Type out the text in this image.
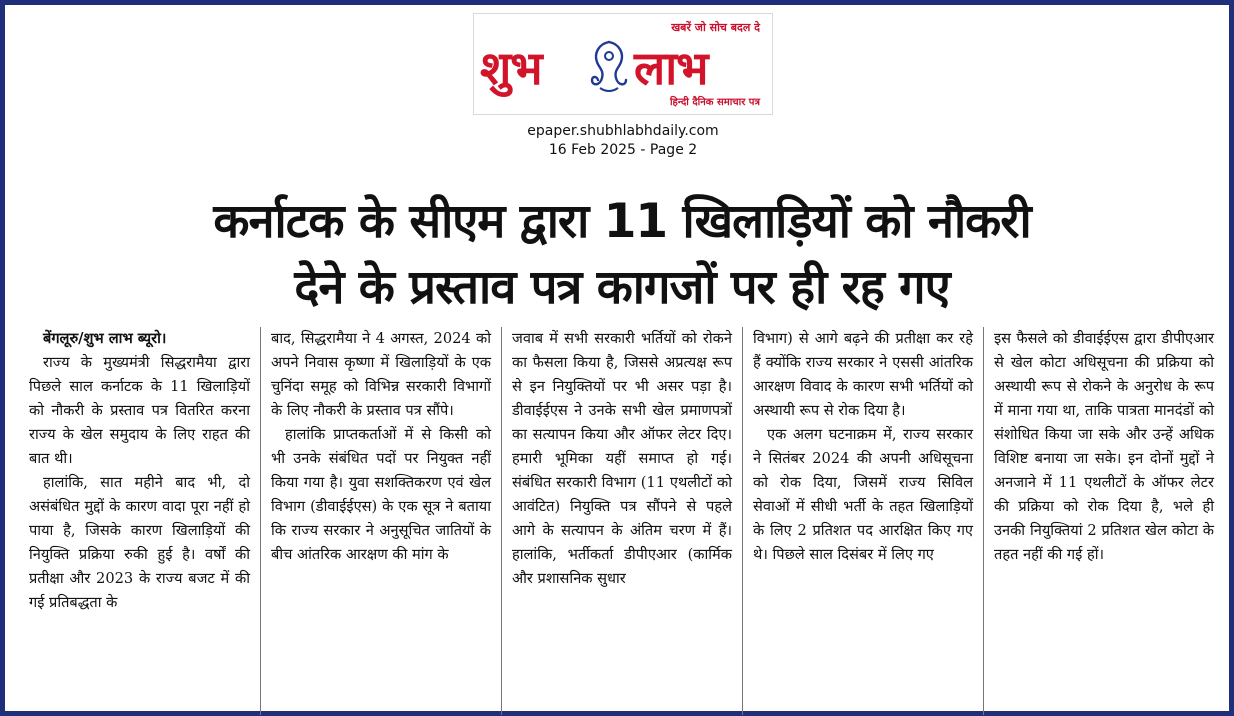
खबरें जो सोच बदल दे
शुभ लाभ
हिन्दी दैनिक समाचार पत्र
epaper.shubhlabhdaily.com
16 Feb 2025 - Page 2
कर्नाटक के सीएम द्वारा 11 खिलाड़ियों को नौकरी
देने के प्रस्ताव पत्र कागजों पर ही रह गए

बेंगलूरु/शुभ लाभ ब्यूरो।

राज्य के मुख्यमंत्री सिद्धरामैया द्वारा पिछले साल कर्नाटक के 11 खिलाड़ियों को नौकरी के प्रस्ताव पत्र वितरित करना राज्य के खेल समुदाय के लिए राहत की बात थी।

हालांकि, सात महीने बाद भी, दो असंबंधित मुद्दों के कारण वादा पूरा नहीं हो पाया है, जिसके कारण खिलाड़ियों की नियुक्ति प्रक्रिया रुकी हुई है। वर्षों की प्रतीक्षा और 2023 के राज्य बजट में की गई प्रतिबद्धता के

बाद, सिद्धरामैया ने 4 अगस्त, 2024 को अपने निवास कृष्णा में खिलाड़ियों के एक चुनिंदा समूह को विभिन्न सरकारी विभागों के लिए नौकरी के प्रस्ताव पत्र सौंपे।

हालांकि प्राप्तकर्ताओं में से किसी को भी उनके संबंधित पदों पर नियुक्त नहीं किया गया है। युवा सशक्तिकरण एवं खेल विभाग (डीवाईईएस) के एक सूत्र ने बताया कि राज्य सरकार ने अनुसूचित जातियों के बीच आंतरिक आरक्षण की मांग के

जवाब में सभी सरकारी भर्तियों को रोकने का फैसला किया है, जिससे अप्रत्यक्ष रूप से इन नियुक्तियों पर भी असर पड़ा है। डीवाईईएस ने उनके सभी खेल प्रमाणपत्रों का सत्यापन किया और ऑफर लेटर दिए। हमारी भूमिका यहीं समाप्त हो गई। संबंधित सरकारी विभाग (11 एथलीटों को आवंटित) नियुक्ति पत्र सौंपने से पहले आगे के सत्यापन के अंतिम चरण में हैं। हालांकि, भर्तीकर्ता डीपीएआर (कार्मिक और प्रशासनिक सुधार

विभाग) से आगे बढ़ने की प्रतीक्षा कर रहे हैं क्योंकि राज्य सरकार ने एससी आंतरिक आरक्षण विवाद के कारण सभी भर्तियों को अस्थायी रूप से रोक दिया है।

एक अलग घटनाक्रम में, राज्य सरकार ने सितंबर 2024 की अपनी अधिसूचना को रोक दिया, जिसमें राज्य सिविल सेवाओं में सीधी भर्ती के तहत खिलाड़ियों के लिए 2 प्रतिशत पद आरक्षित किए गए थे। पिछले साल दिसंबर में लिए गए

इस फैसले को डीवाईईएस द्वारा डीपीएआर से खेल कोटा अधिसूचना की प्रक्रिया को अस्थायी रूप से रोकने के अनुरोध के रूप में माना गया था, ताकि पात्रता मानदंडों को संशोधित किया जा सके और उन्हें अधिक विशिष्ट बनाया जा सके। इन दोनों मुद्दों ने अनजाने में 11 एथलीटों के ऑफर लेटर की प्रक्रिया को रोक दिया है, भले ही उनकी नियुक्तियां 2 प्रतिशत खेल कोटा के तहत नहीं की गई हों।
